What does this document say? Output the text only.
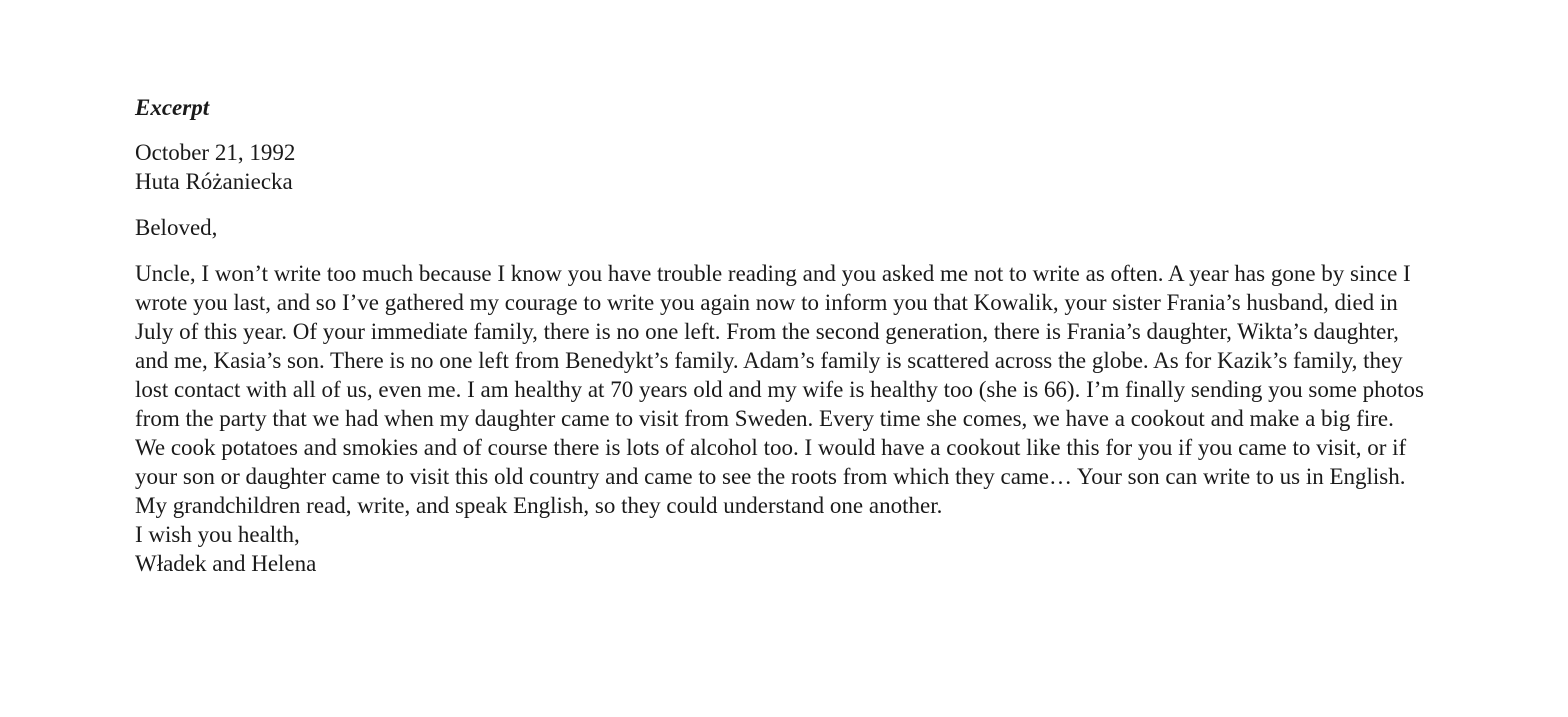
Excerpt
October 21, 1992
Huta Różaniecka
Beloved,
Uncle, I won’t write too much because I know you have trouble reading and you asked me not to write as often. A year has gone by since I
wrote you last, and so I’ve gathered my courage to write you again now to inform you that Kowalik, your sister Frania’s husband, died in
July of this year. Of your immediate family, there is no one left. From the second generation, there is Frania’s daughter, Wikta’s daughter,
and me, Kasia’s son. There is no one left from Benedykt’s family. Adam’s family is scattered across the globe. As for Kazik’s family, they
lost contact with all of us, even me. I am healthy at 70 years old and my wife is healthy too (she is 66). I’m finally sending you some photos
from the party that we had when my daughter came to visit from Sweden. Every time she comes, we have a cookout and make a big fire.
We cook potatoes and smokies and of course there is lots of alcohol too. I would have a cookout like this for you if you came to visit, or if
your son or daughter came to visit this old country and came to see the roots from which they came… Your son can write to us in English.
My grandchildren read, write, and speak English, so they could understand one another.
I wish you health,
Władek and Helena
